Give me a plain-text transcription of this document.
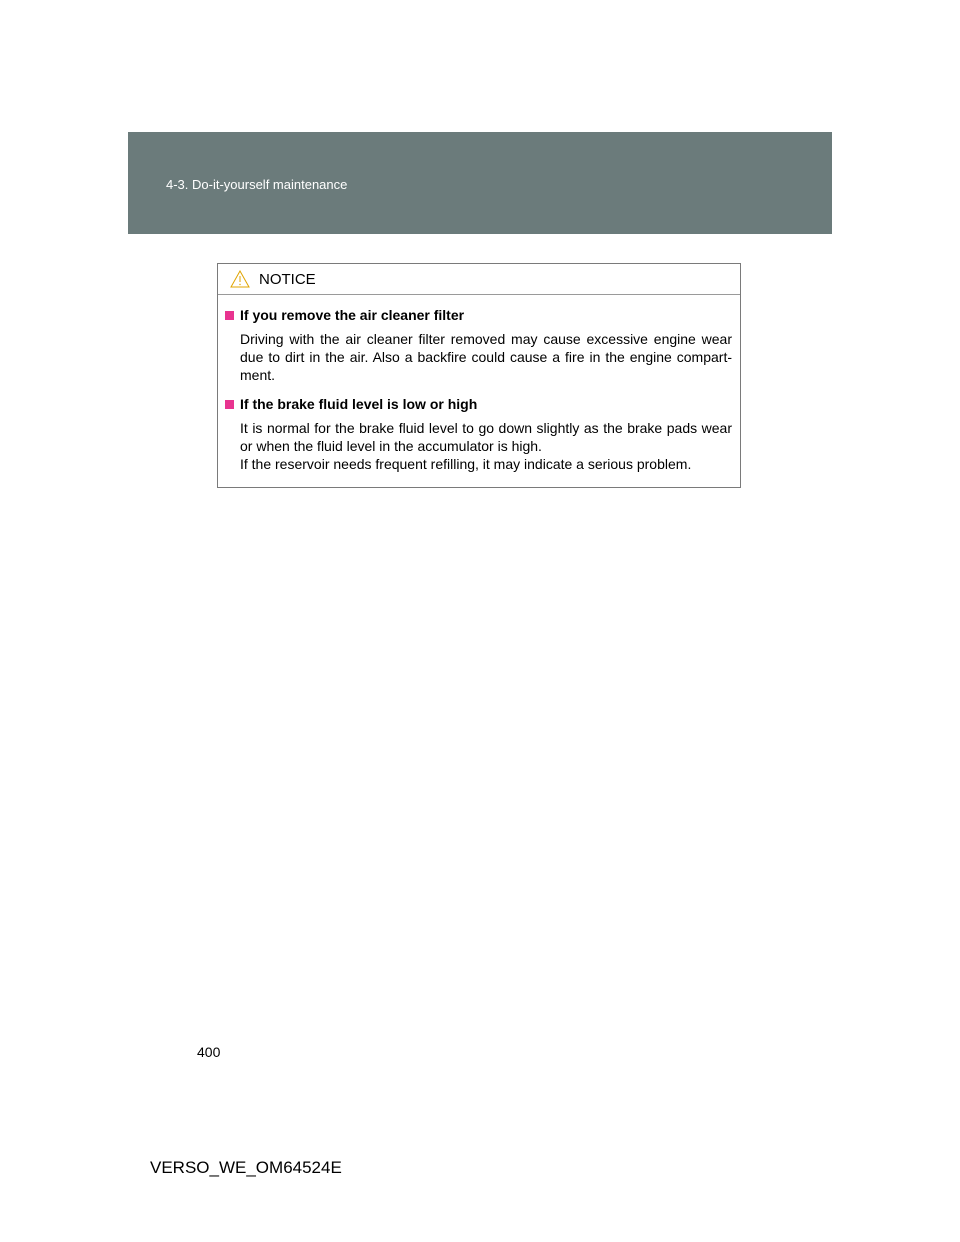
4-3. Do-it-yourself maintenance
NOTICE
If you remove the air cleaner filter

Driving with the air cleaner filter removed may cause excessive engine wear due to dirt in the air. Also a backfire could cause a fire in the engine compart-ment.

If the brake fluid level is low or high

It is normal for the brake fluid level to go down slightly as the brake pads wear or when the fluid level in the accumulator is high.

If the reservoir needs frequent refilling, it may indicate a serious problem.

400
VERSO_WE_OM64524E
